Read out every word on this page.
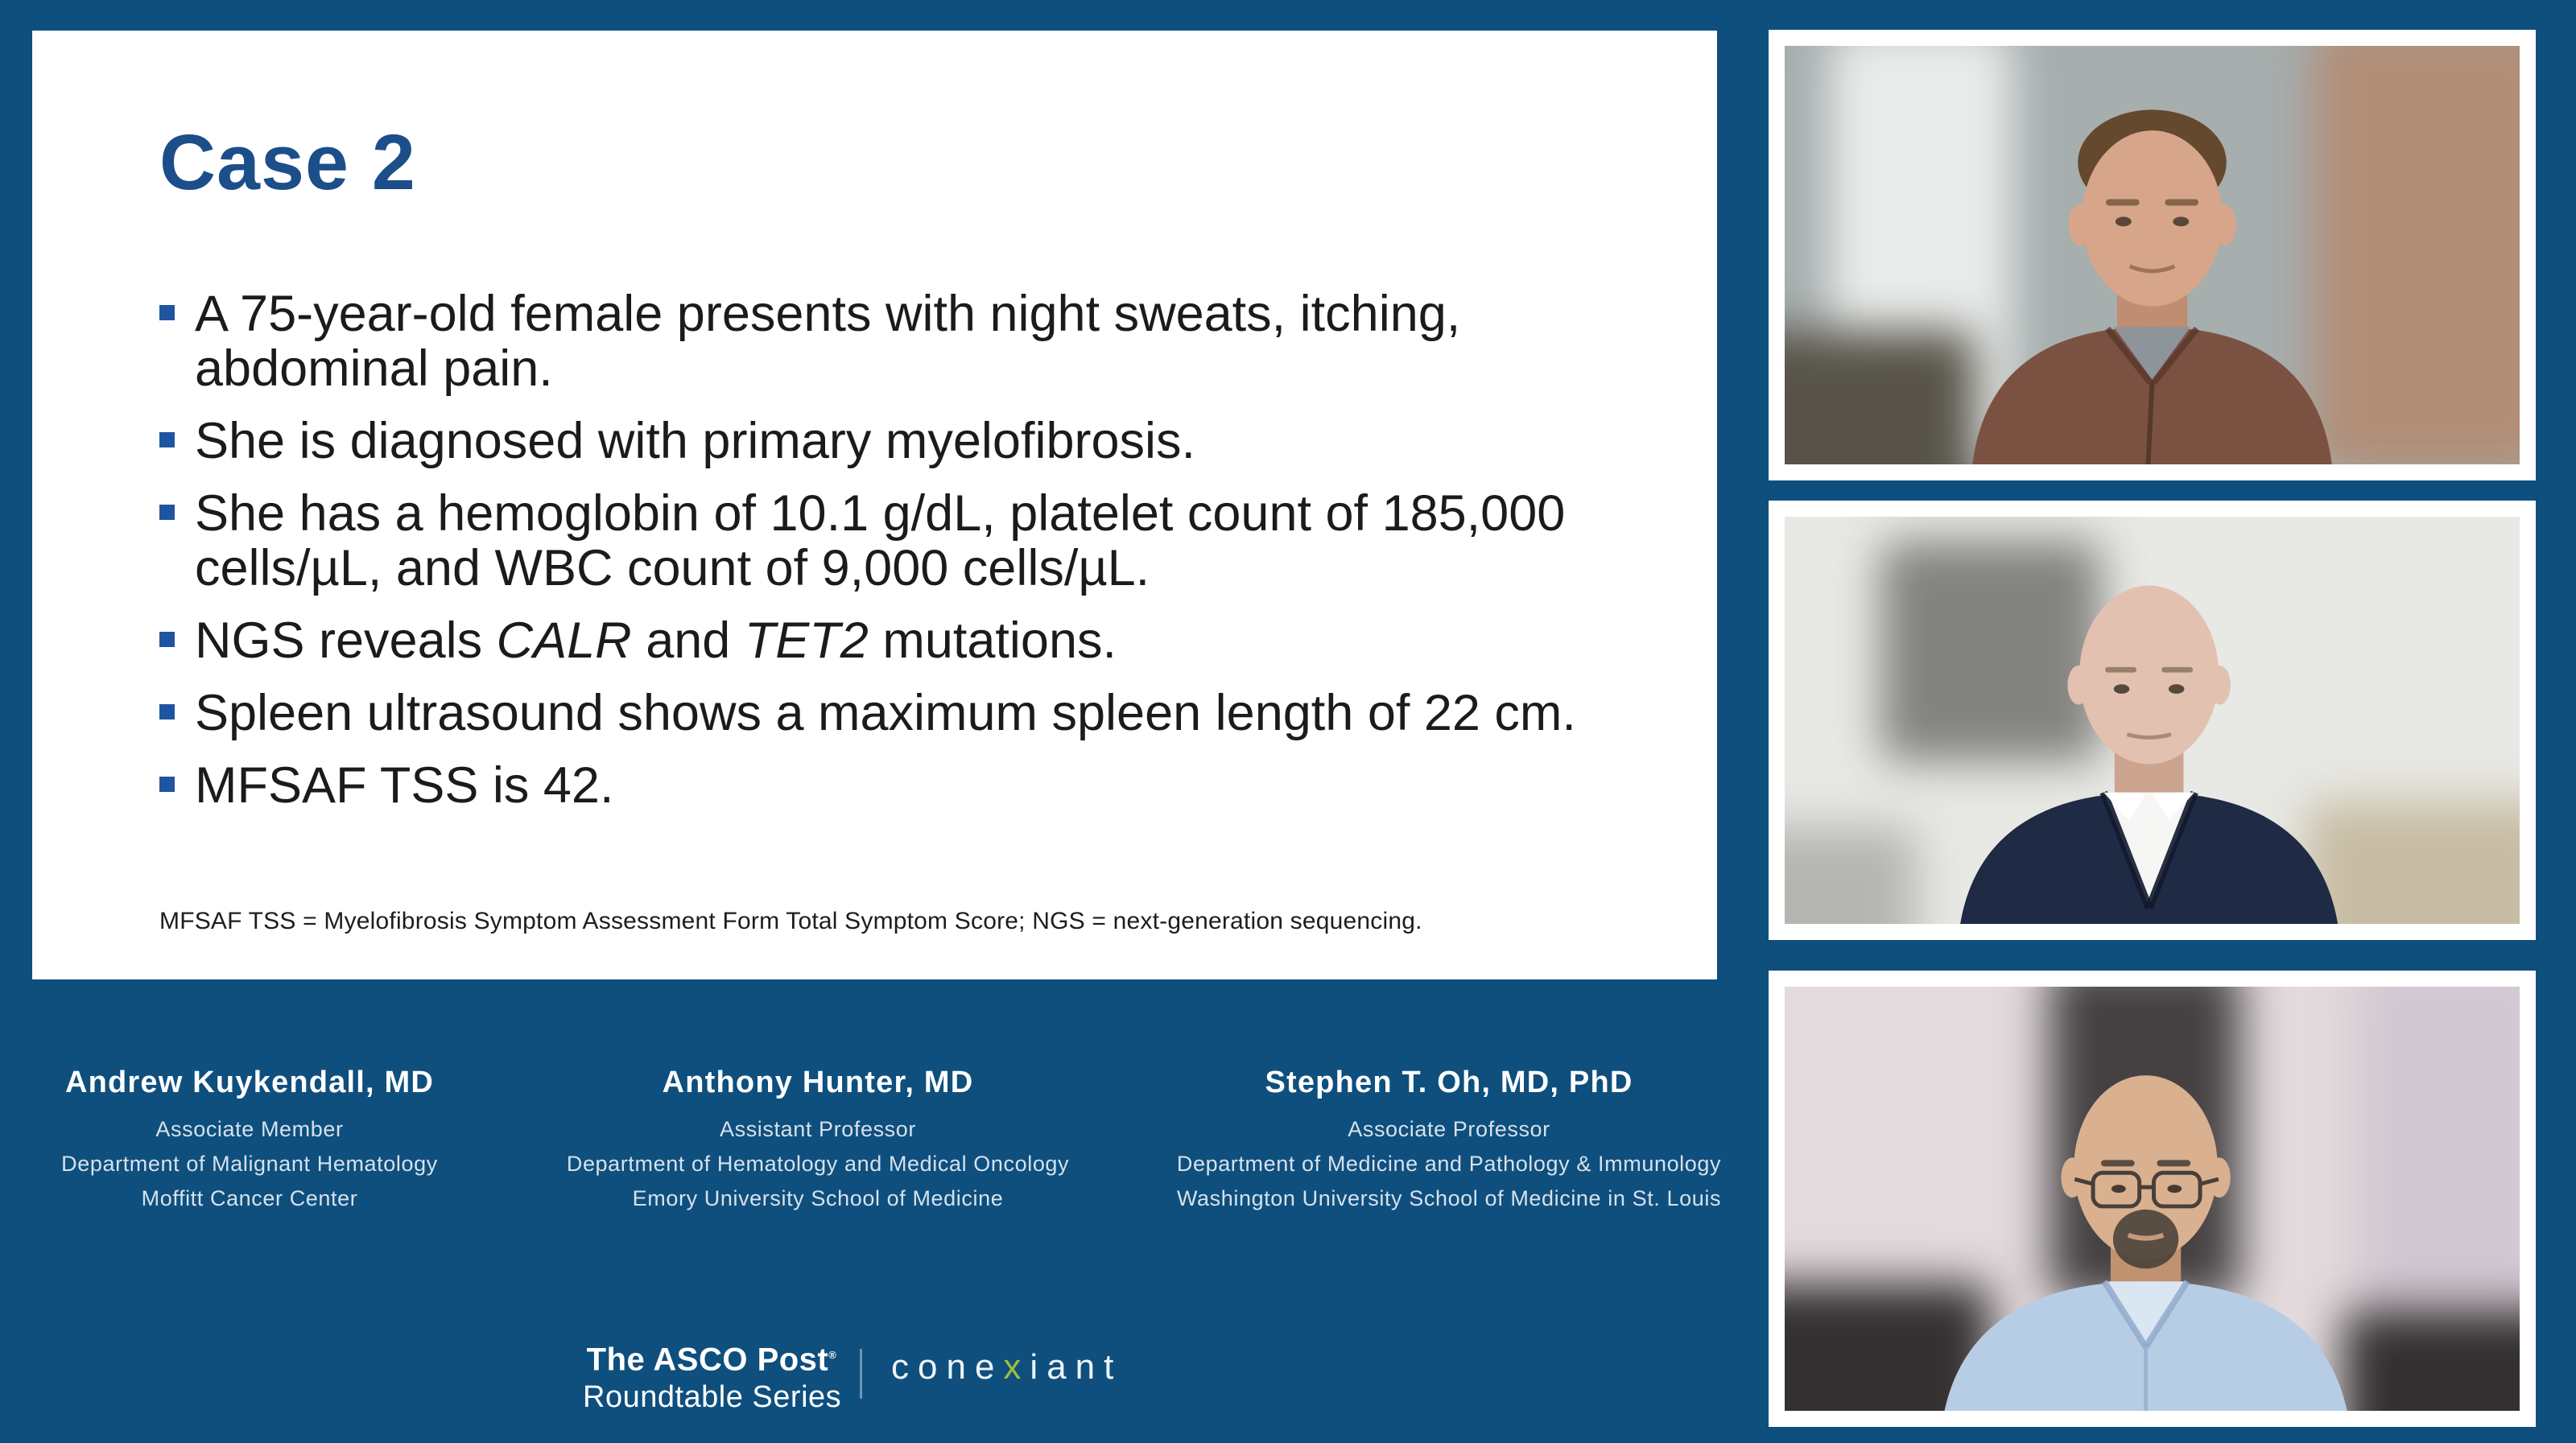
Case 2
A 75-year-old female presents with night sweats, itching, abdominal pain.
She is diagnosed with primary myelofibrosis.
She has a hemoglobin of 10.1 g/dL, platelet count of 185,000 cells/µL, and WBC count of 9,000 cells/µL.
NGS reveals CALR and TET2 mutations.
Spleen ultrasound shows a maximum spleen length of 22 cm.
MFSAF TSS is 42.

MFSAF TSS = Myelofibrosis Symptom Assessment Form Total Symptom Score; NGS = next-generation sequencing.

Andrew Kuykendall, MD
Associate Member
Department of Malignant Hematology
Moffitt Cancer Center
Anthony Hunter, MD
Assistant Professor
Department of Hematology and Medical Oncology
Emory University School of Medicine
Stephen T. Oh, MD, PhD
Associate Professor
Department of Medicine and Pathology & Immunology
Washington University School of Medicine in St. Louis
The ASCO Post®
Roundtable Series
conexiant
